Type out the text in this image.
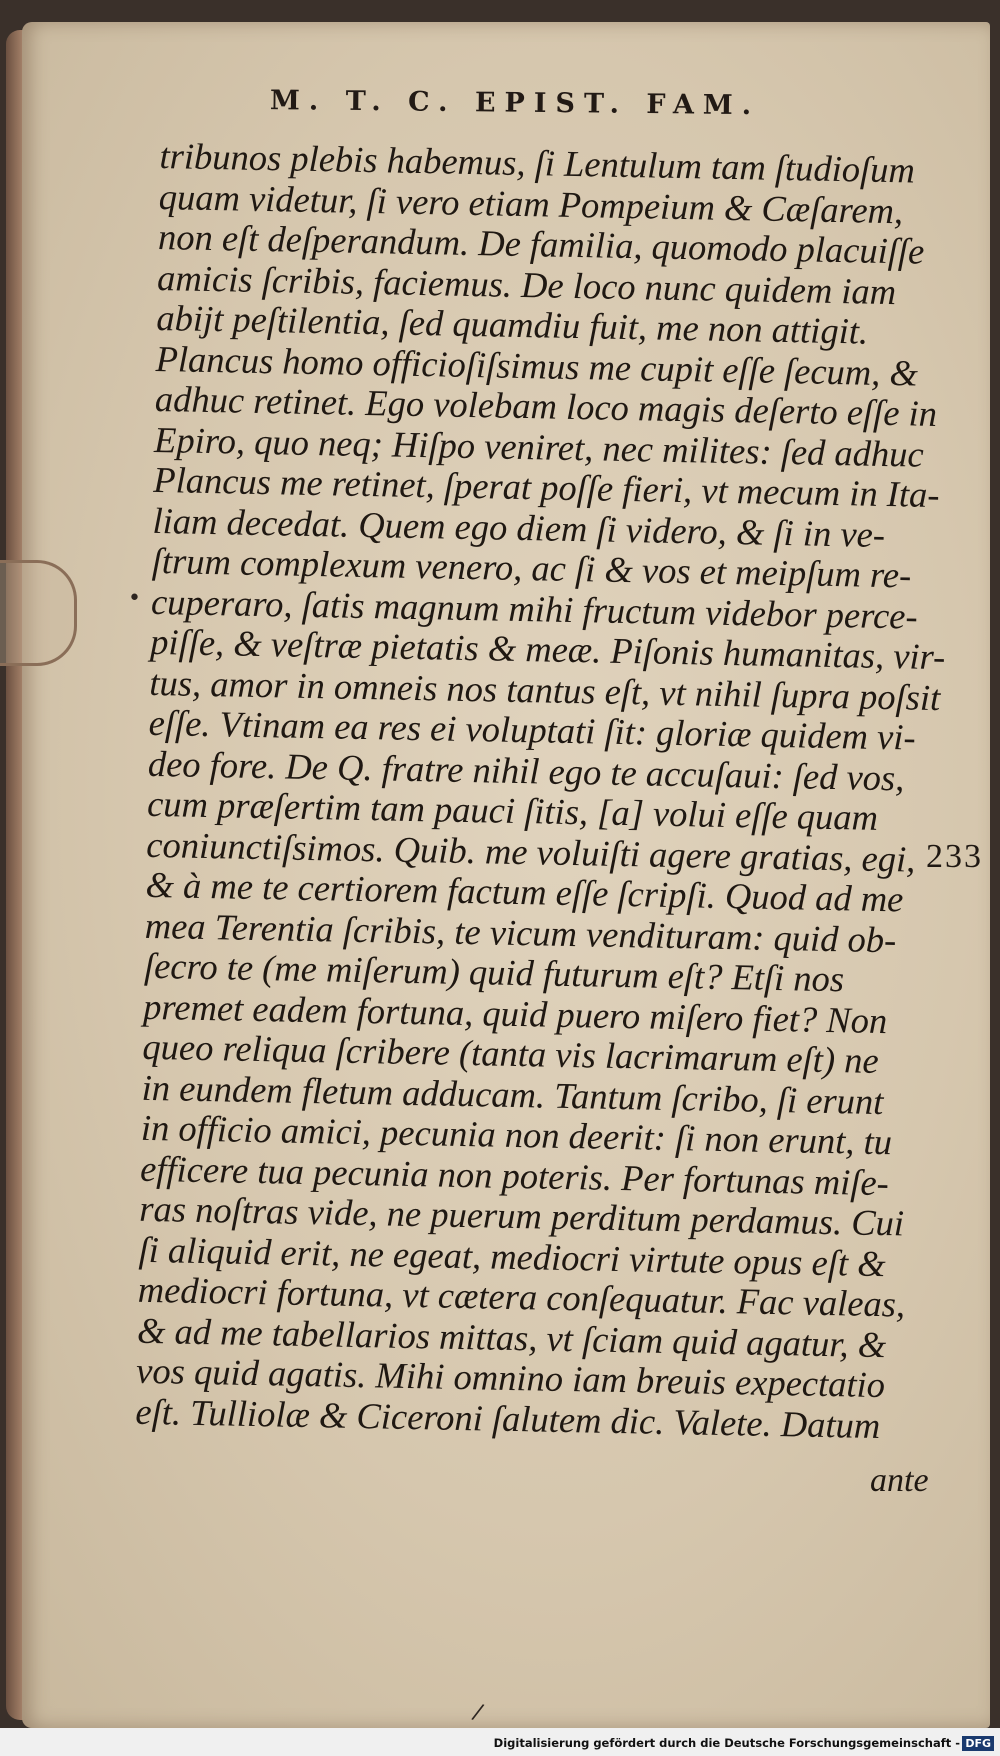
M. T. C. EPIST. FAM.
tribunos plebis habemus, ſi Lentulum tam ſtudioſum
quam videtur, ſi vero etiam Pompeium & Cæſarem,
non eſt deſperandum. De familia, quomodo placuiſſe
amicis ſcribis, faciemus. De loco nunc quidem iam
abijt peſtilentia, ſed quamdiu fuit, me non attigit.
Plancus homo officioſiſsimus me cupit eſſe ſecum, &
adhuc retinet. Ego volebam loco magis deſerto eſſe in
Epiro, quo neq; Hiſpo veniret, nec milites: ſed adhuc
Plancus me retinet, ſperat poſſe fieri, vt mecum in Ita-
liam decedat. Quem ego diem ſi videro, & ſi in ve-
ſtrum complexum venero, ac ſi & vos et meipſum re-
cuperaro, ſatis magnum mihi fructum videbor perce-
piſſe, & veſtræ pietatis & meæ. Piſonis humanitas, vir-
tus, amor in omneis nos tantus eſt, vt nihil ſupra poſsit
eſſe. Vtinam ea res ei voluptati ſit: gloriæ quidem vi-
deo fore. De Q. fratre nihil ego te accuſaui: ſed vos,
cum præſertim tam pauci ſitis, [a] volui eſſe quam
coniunctiſsimos. Quib. me voluiſti agere gratias, egi,
& à me te certiorem factum eſſe ſcripſi. Quod ad me
mea Terentia ſcribis, te vicum vendituram: quid ob-
ſecro te (me miſerum) quid futurum eſt? Etſi nos
premet eadem fortuna, quid puero miſero fiet? Non
queo reliqua ſcribere (tanta vis lacrimarum eſt) ne
in eundem fletum adducam. Tantum ſcribo, ſi erunt
in officio amici, pecunia non deerit: ſi non erunt, tu
efficere tua pecunia non poteris. Per fortunas miſe-
ras noſtras vide, ne puerum perditum perdamus. Cui
ſi aliquid erit, ne egeat, mediocri virtute opus eſt &
mediocri fortuna, vt cætera conſequatur. Fac valeas,
& ad me tabellarios mittas, vt ſciam quid agatur, &
vos quid agatis. Mihi omnino iam breuis expectatio
eſt. Tulliolæ & Ciceroni ſalutem dic. Valete. Datum
233
ante
•
/
Digitalisierung gefördert durch die Deutsche Forschungsgemeinschaft - DFG
